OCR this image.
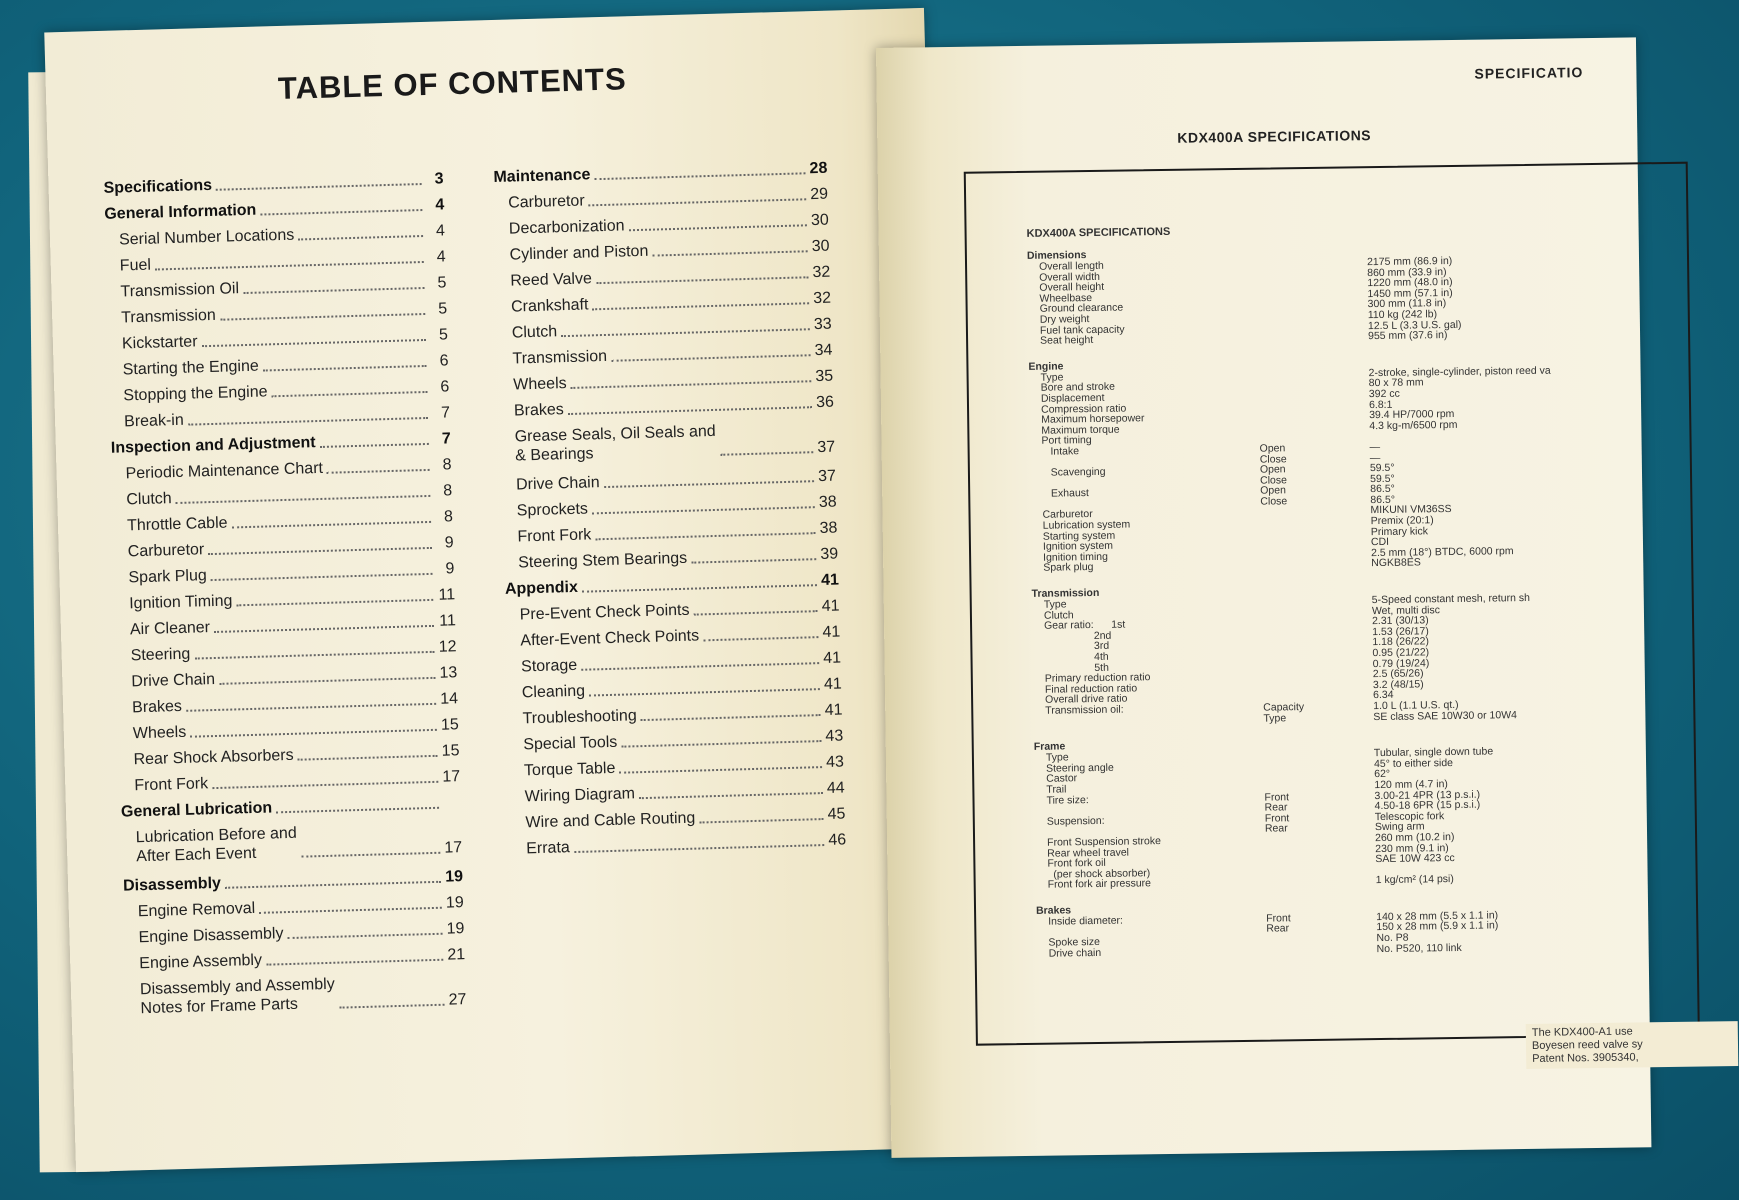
TABLE OF CONTENTS
Specifications	3
General Information	4
Serial Number Locations	4
Fuel	4
Transmission Oil	5
Transmission	5
Kickstarter	5
Starting the Engine	6
Stopping the Engine	6
Break-in	7
Inspection and Adjustment	7
Periodic Maintenance Chart	8
Clutch	8
Throttle Cable	8
Carburetor	9
Spark Plug	9
Ignition Timing	11
Air Cleaner	11
Steering	12
Drive Chain	13
Brakes	14
Wheels	15
Rear Shock Absorbers	15
Front Fork	17
General Lubrication
Lubrication Before and
After Each Event	17
Disassembly	19
Engine Removal	19
Engine Disassembly	19
Engine Assembly	21
Disassembly and Assembly
Notes for Frame Parts	27
Maintenance	28
Carburetor	29
Decarbonization	30
Cylinder and Piston	30
Reed Valve	32
Crankshaft	32
Clutch	33
Transmission	34
Wheels	35
Brakes	36
Grease Seals, Oil Seals and
& Bearings	37
Drive Chain	37
Sprockets	38
Front Fork	38
Steering Stem Bearings	39
Appendix	41
Pre-Event Check Points	41
After-Event Check Points	41
Storage	41
Cleaning	41
Troubleshooting	41
Special Tools	43
Torque Table	43
Wiring Diagram	44
Wire and Cable Routing	45
Errata	46
SPECIFICATIO
KDX400A SPECIFICATIONS
KDX400A SPECIFICATIONS
Dimensions
Overall length	2175 mm (86.9 in)
Overall width	860 mm (33.9 in)
Overall height	1220 mm (48.0 in)
Wheelbase	1450 mm (57.1 in)
Ground clearance	300 mm (11.8 in)
Dry weight	110 kg (242 lb)
Fuel tank capacity	12.5 L (3.3 U.S. gal)
Seat height	955 mm (37.6 in)
Engine
Type	2-stroke, single-cylinder, piston reed va
Bore and stroke	80 x 78 mm
Displacement	392 cc
Compression ratio	6.8:1
Maximum horsepower	39.4 HP/7000 rpm
Maximum torque	4.3 kg-m/6500 rpm
Port timing
Intake	Open	—
Close	—
Scavenging	Open	59.5°
Close	59.5°
Exhaust	Open	86.5°
Close	86.5°
Carburetor	MIKUNI VM36SS
Lubrication system	Premix (20:1)
Starting system	Primary kick
Ignition system	CDI
Ignition timing	2.5 mm (18°) BTDC, 6000 rpm
Spark plug	NGKB8ES
Transmission
Type	5-Speed constant mesh, return sh
Clutch	Wet, multi disc
Gear ratio:      1st	2.31 (30/13)
2nd	1.53 (26/17)
3rd	1.18 (26/22)
4th	0.95 (21/22)
5th	0.79 (19/24)
Primary reduction ratio	2.5 (65/26)
Final reduction ratio	3.2 (48/15)
Overall drive ratio	6.34
Transmission oil:	Capacity	1.0 L (1.1 U.S. qt.)
Type	SE class SAE 10W30 or 10W4
Frame
Type	Tubular, single down tube
Steering angle	45° to either side
Castor	62°
Trail	120 mm (4.7 in)
Tire size:	Front	3.00-21 4PR (13 p.s.i.)
Rear	4.50-18 6PR (15 p.s.i.)
Suspension:	Front	Telescopic fork
Rear	Swing arm
Front Suspension stroke	260 mm (10.2 in)
Rear wheel travel	230 mm (9.1 in)
Front fork oil	SAE 10W 423 cc
(per shock absorber)
Front fork air pressure	1 kg/cm² (14 psi)
Brakes
Inside diameter:	Front	140 x 28 mm (5.5 x 1.1 in)
Rear	150 x 28 mm (5.9 x 1.1 in)
Spoke size	No. P8
Drive chain	No. P520, 110 link
The KDX400-A1 use
Boyesen reed valve sy
Patent Nos. 3905340,
